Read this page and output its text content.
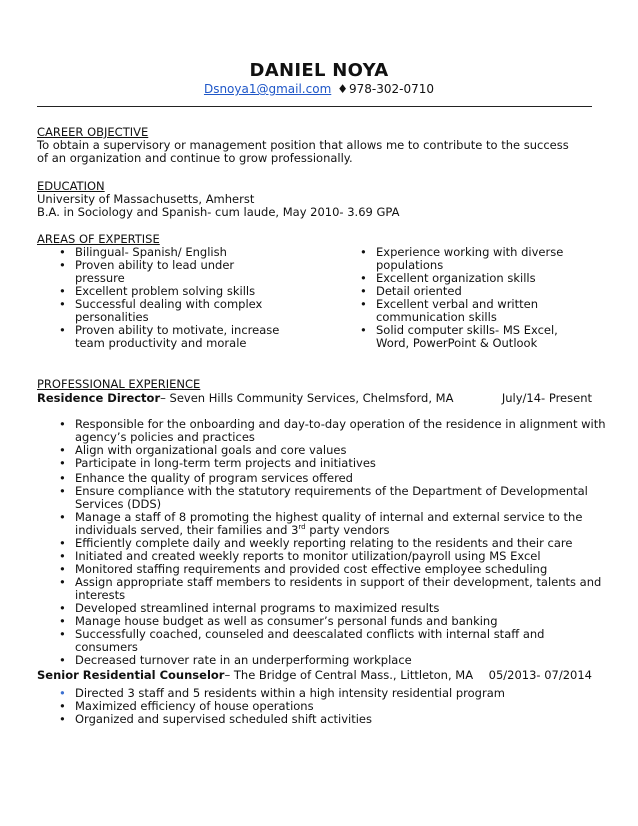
DANIEL NOYA
Dsnoya1@gmail.com ♦978-302-0710
CAREER OBJECTIVE
To obtain a supervisory or management position that allows me to contribute to the success of an organization and continue to grow professionally.
EDUCATION
University of Massachusetts, Amherst
B.A. in Sociology and Spanish- cum laude, May 2010- 3.69 GPA
AREAS OF EXPERTISE
• Bilingual- Spanish/ English
• Proven ability to lead under pressure
• Excellent problem solving skills
• Successful dealing with complex personalities
• Proven ability to motivate, increase team productivity and morale
• Experience working with diverse populations
• Excellent organization skills
• Detail oriented
• Excellent verbal and written communication skills
• Solid computer skills- MS Excel, Word, PowerPoint & Outlook
PROFESSIONAL EXPERIENCE
Residence Director– Seven Hills Community Services, Chelmsford, MA	July/14- Present
• Responsible for the onboarding and day-to-day operation of the residence in alignment with agency’s policies and practices
• Align with organizational goals and core values
• Participate in long-term term projects and initiatives
• Enhance the quality of program services offered
• Ensure compliance with the statutory requirements of the Department of Developmental Services (DDS)
• Manage a staff of 8 promoting the highest quality of internal and external service to the individuals served, their families and 3rd party vendors
• Efficiently complete daily and weekly reporting relating to the residents and their care
• Initiated and created weekly reports to monitor utilization/payroll using MS Excel
• Monitored staffing requirements and provided cost effective employee scheduling
• Assign appropriate staff members to residents in support of their development, talents and interests
• Developed streamlined internal programs to maximized results
• Manage house budget as well as consumer’s personal funds and banking
• Successfully coached, counseled and deescalated conflicts with internal staff and consumers
• Decreased turnover rate in an underperforming workplace
Senior Residential Counselor– The Bridge of Central Mass., Littleton, MA 05/2013- 07/2014
• Directed 3 staff and 5 residents within a high intensity residential program
• Maximized efficiency of house operations
• Organized and supervised scheduled shift activities
